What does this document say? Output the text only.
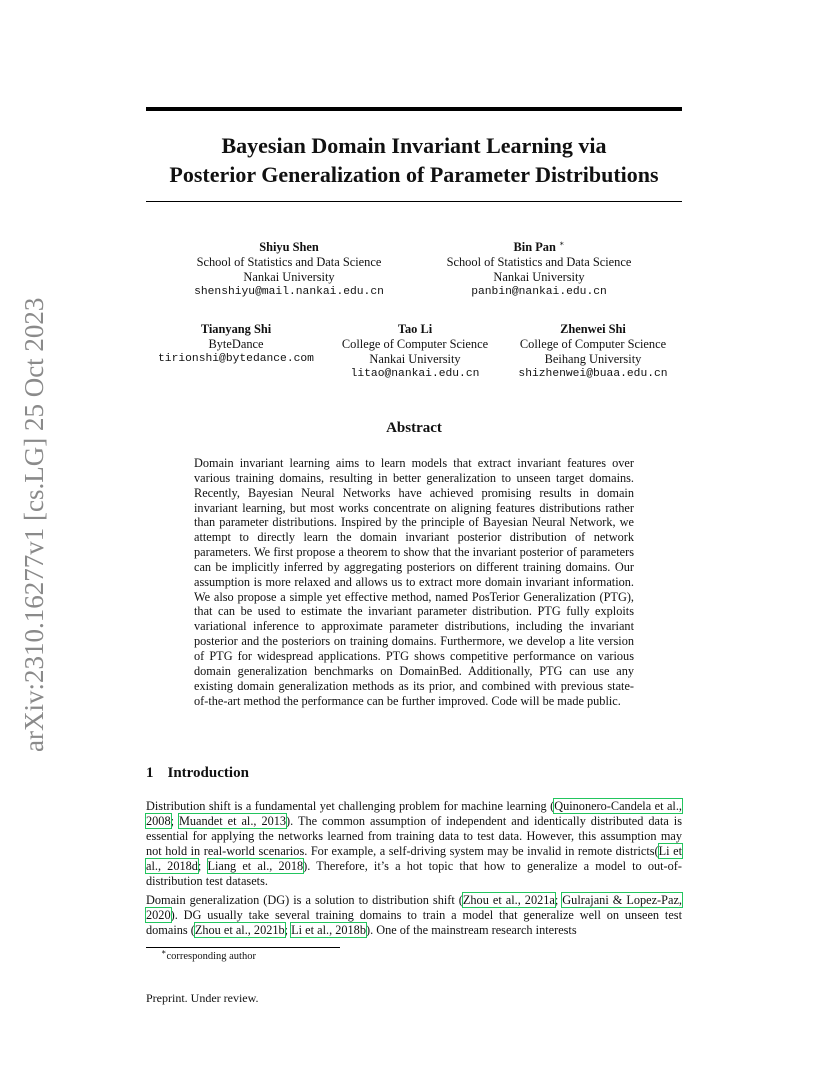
arXiv:2310.16277v1 [cs.LG] 25 Oct 2023
Bayesian Domain Invariant Learning via
Posterior Generalization of Parameter Distributions
Shiyu Shen
School of Statistics and Data Science
Nankai University
shenshiyu@mail.nankai.edu.cn
Bin Pan ∗
School of Statistics and Data Science
Nankai University
panbin@nankai.edu.cn
Tianyang Shi
ByteDance
tirionshi@bytedance.com
Tao Li
College of Computer Science
Nankai University
litao@nankai.edu.cn
Zhenwei Shi
College of Computer Science
Beihang University
shizhenwei@buaa.edu.cn
Abstract

Domain invariant learning aims to learn models that extract invariant features over various training domains, resulting in better generalization to unseen target domains. Recently, Bayesian Neural Networks have achieved promising results in domain invariant learning, but most works concentrate on aligning features distributions rather than parameter distributions. Inspired by the principle of Bayesian Neural Network, we attempt to directly learn the domain invariant posterior distribution of network parameters. We first propose a theorem to show that the invariant posterior of parameters can be implicitly inferred by aggregating posteriors on different training domains. Our assumption is more relaxed and allows us to extract more domain invariant information. We also propose a simple yet effective method, named PosTerior Generalization (PTG), that can be used to estimate the invariant parameter distribution. PTG fully exploits variational inference to approximate parameter distributions, including the invariant posterior and the posteriors on training domains. Furthermore, we develop a lite version of PTG for widespread applications. PTG shows competitive performance on various domain generalization benchmarks on DomainBed. Additionally, PTG can use any existing domain generalization methods as its prior, and combined with previous state-of-the-art method the performance can be further improved. Code will be made public.

1 Introduction

Distribution shift is a fundamental yet challenging problem for machine learning (Quinonero-Candela et al., 2008; Muandet et al., 2013). The common assumption of independent and identically distributed data is essential for applying the networks learned from training data to test data. However, this assumption may not hold in real-world scenarios. For example, a self-driving system may be invalid in remote districts(Li et al., 2018d; Liang et al., 2018). Therefore, it’s a hot topic that how to generalize a model to out-of-distribution test datasets.

Domain generalization (DG) is a solution to distribution shift (Zhou et al., 2021a; Gulrajani & Lopez-Paz, 2020). DG usually take several training domains to train a model that generalize well on unseen test domains (Zhou et al., 2021b; Li et al., 2018b). One of the mainstream research interests

∗corresponding author

Preprint. Under review.
